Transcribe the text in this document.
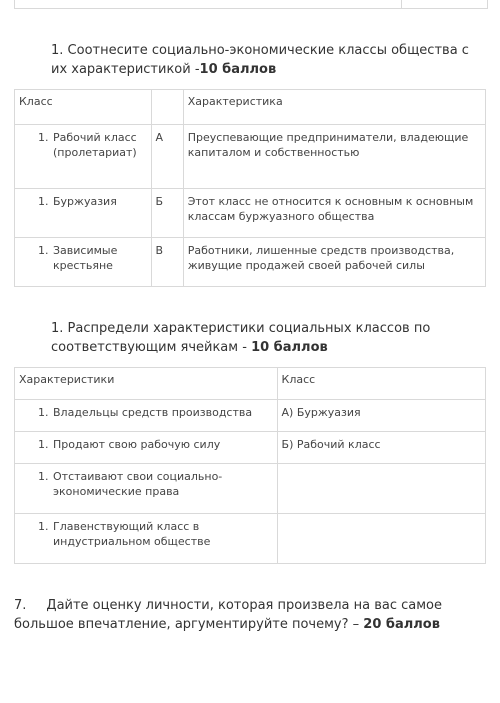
1. Соотнесите социально-экономические классы общества с их характеристикой -10 баллов
Класс		Характеристика
1. Рабочий класс (пролетариат)	А	Преуспевающие предприниматели, владеющие капиталом и собственностью
1. Буржуазия	Б	Этот класс не относится к основным к основным классам буржуазного общества
1. Зависимые крестьяне	В	Работники, лишенные средств производства, живущие продажей своей рабочей силы
1. Распредели характеристики социальных классов по соответствующим ячейкам - 10 баллов
Характеристики	Класс
1. Владельцы средств производства	А) Буржуазия
1. Продают свою рабочую силу	Б) Рабочий класс
1. Отстаивают свои социально-экономические права	
1. Главенствующий класс в индустриальном обществе	
7. Дайте оценку личности, которая произвела на вас самое большое впечатление, аргументируйте почему? – 20 баллов
